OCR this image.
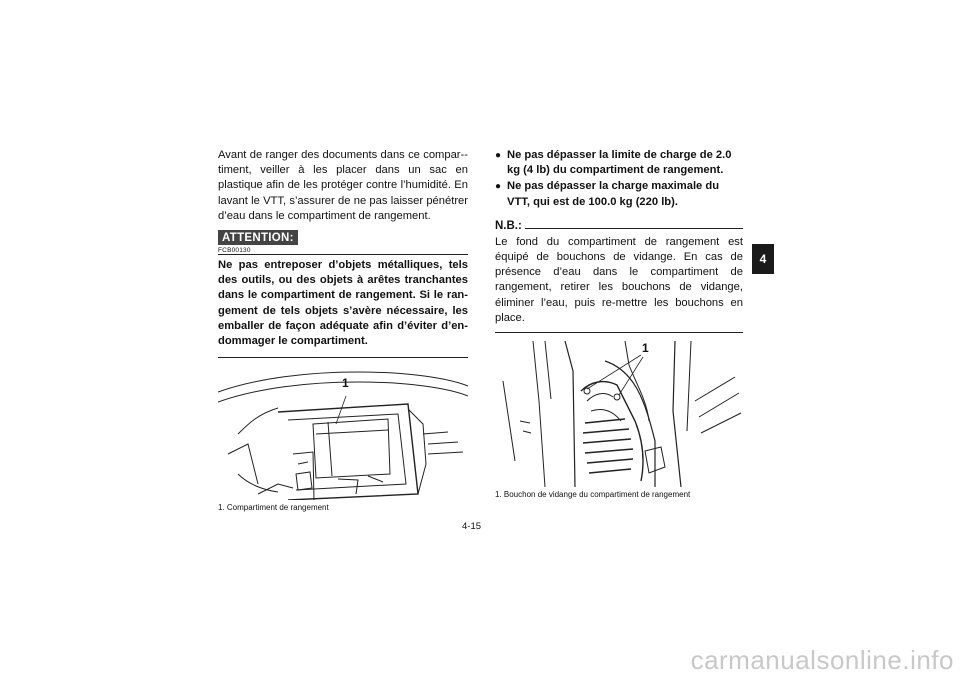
Avant de ranger des documents dans ce compar-timent, veiller à les placer dans un sac en plastique afin de les protéger contre l’humidité. En lavant le VTT, s’assurer de ne pas laisser pénétrer d’eau dans le compartiment de rangement.

ATTENTION:
FCB00130

Ne pas entreposer d’objets métalliques, tels des outils, ou des objets à arêtes tranchantes dans le compartiment de rangement. Si le ran-gement de tels objets s’avère nécessaire, les emballer de façon adéquate afin d’éviter d’en-dommager le compartiment.

1
1. Compartiment de rangement
● Ne pas dépasser la limite de charge de 2.0 kg (4 lb) du compartiment de rangement.
● Ne pas dépasser la charge maximale du VTT, qui est de 100.0 kg (220 lb).
N.B.:

Le fond du compartiment de rangement est équipé de bouchons de vidange. En cas de présence d’eau dans le compartiment de rangement, retirer les bouchons de vidange, éliminer l’eau, puis re-mettre les bouchons en place.

1
1. Bouchon de vidange du compartiment de rangement
4-15
4
carmanualsonline.info
